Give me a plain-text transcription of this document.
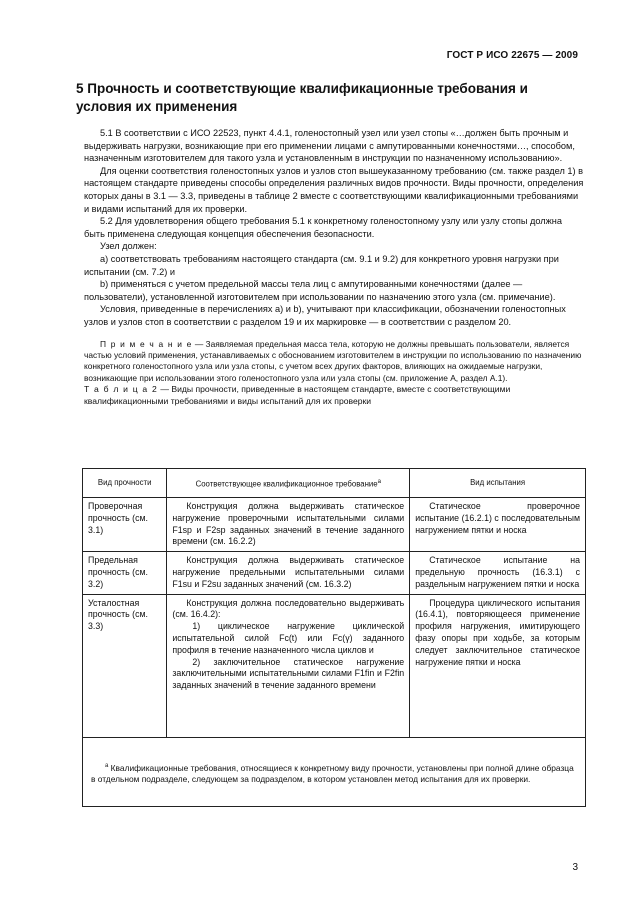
ГОСТ Р ИСО 22675 — 2009
5 Прочность и соответствующие квалификационные требования и условия их применения

5.1 В соответствии с ИСО 22523, пункт 4.4.1, голеностопный узел или узел стопы «…должен быть прочным и выдерживать нагрузки, возникающие при его применении лицами с ампутированными конечностями…, способом, назначенным изготовителем для такого узла и установленным в инструкции по назначенному использованию».

Для оценки соответствия голеностопных узлов и узлов стоп вышеуказанному требованию (см. также раздел 1) в настоящем стандарте приведены способы определения различных видов прочности. Виды прочности, определения которых даны в 3.1 — 3.3, приведены в таблице 2 вместе с соответствующими квалификационными требованиями и видами испытаний для их проверки.

5.2 Для удовлетворения общего требования 5.1 к конкретному голеностопному узлу или узлу стопы должна быть применена следующая концепция обеспечения безопасности.

Узел должен:

a) соответствовать требованиям настоящего стандарта (см. 9.1 и 9.2) для конкретного уровня нагрузки при испытании (см. 7.2) и

b) применяться с учетом предельной массы тела лиц с ампутированными конечностями (далее — пользователи), установленной изготовителем при использовании по назначению этого узла (см. примечание).

Условия, приведенные в перечислениях а) и b), учитывают при классификации, обозначении голеностопных узлов и узлов стоп в соответствии с разделом 19 и их маркировке — в соответствии с разделом 20.

П р и м е ч а н и е — Заявляемая предельная масса тела, которую не должны превышать пользователи, является частью условий применения, устанавливаемых с обоснованием изготовителем в инструкции по использованию по назначению конкретного голеностопного узла или узла стопы, с учетом всех других факторов, влияющих на ожидаемые нагрузки, возникающие при использовании этого голеностопного узла или узла стопы (см. приложение А, раздел А.1).

Т а б л и ц а 2 — Виды прочности, приведенные в настоящем стандарте, вместе с соответствующими квалификационными требованиями и виды испытаний для их проверки

Вид прочности	Соответствующее квалификационное требование$^a$	Вид испытания
Проверочная прочность (см. 3.1)	Конструкция должна выдерживать статическое нагружение проверочными испытательными силами F1sp и F2sp заданных значений в течение заданного времени (см. 16.2.2)	Статическое проверочное испытание (16.2.1) с последовательным нагружением пятки и носка
Предельная прочность (см. 3.2)	Конструкция должна выдерживать статическое нагружение предельными испытательными силами F1su и F2su заданных значений (см. 16.3.2)	Статическое испытание на предельную прочность (16.3.1) с раздельным нагружением пятки и носка
Усталостная прочность (см. 3.3)	Конструкция должна последовательно выдерживать (см. 16.4.2):
1) циклическое нагружение циклической испытательной силой Fc(t) или Fc(γ) заданного профиля в течение назначенного числа циклов и
2) заключительное статическое нагружение заключительными испытательными силами F1fin и F2fin заданных значений в течение заданного времени	Процедура циклического испытания (16.4.1), повторяющееся применение профиля нагружения, имитирующего фазу опоры при ходьбе, за которым следует заключительное статическое нагружение пятки и носка
$^a$ Квалификационные требования, относящиеся к конкретному виду прочности, установлены при полной длине образца в отдельном подразделе, следующем за подразделом, в котором установлен метод испытания для их проверки.		
3
